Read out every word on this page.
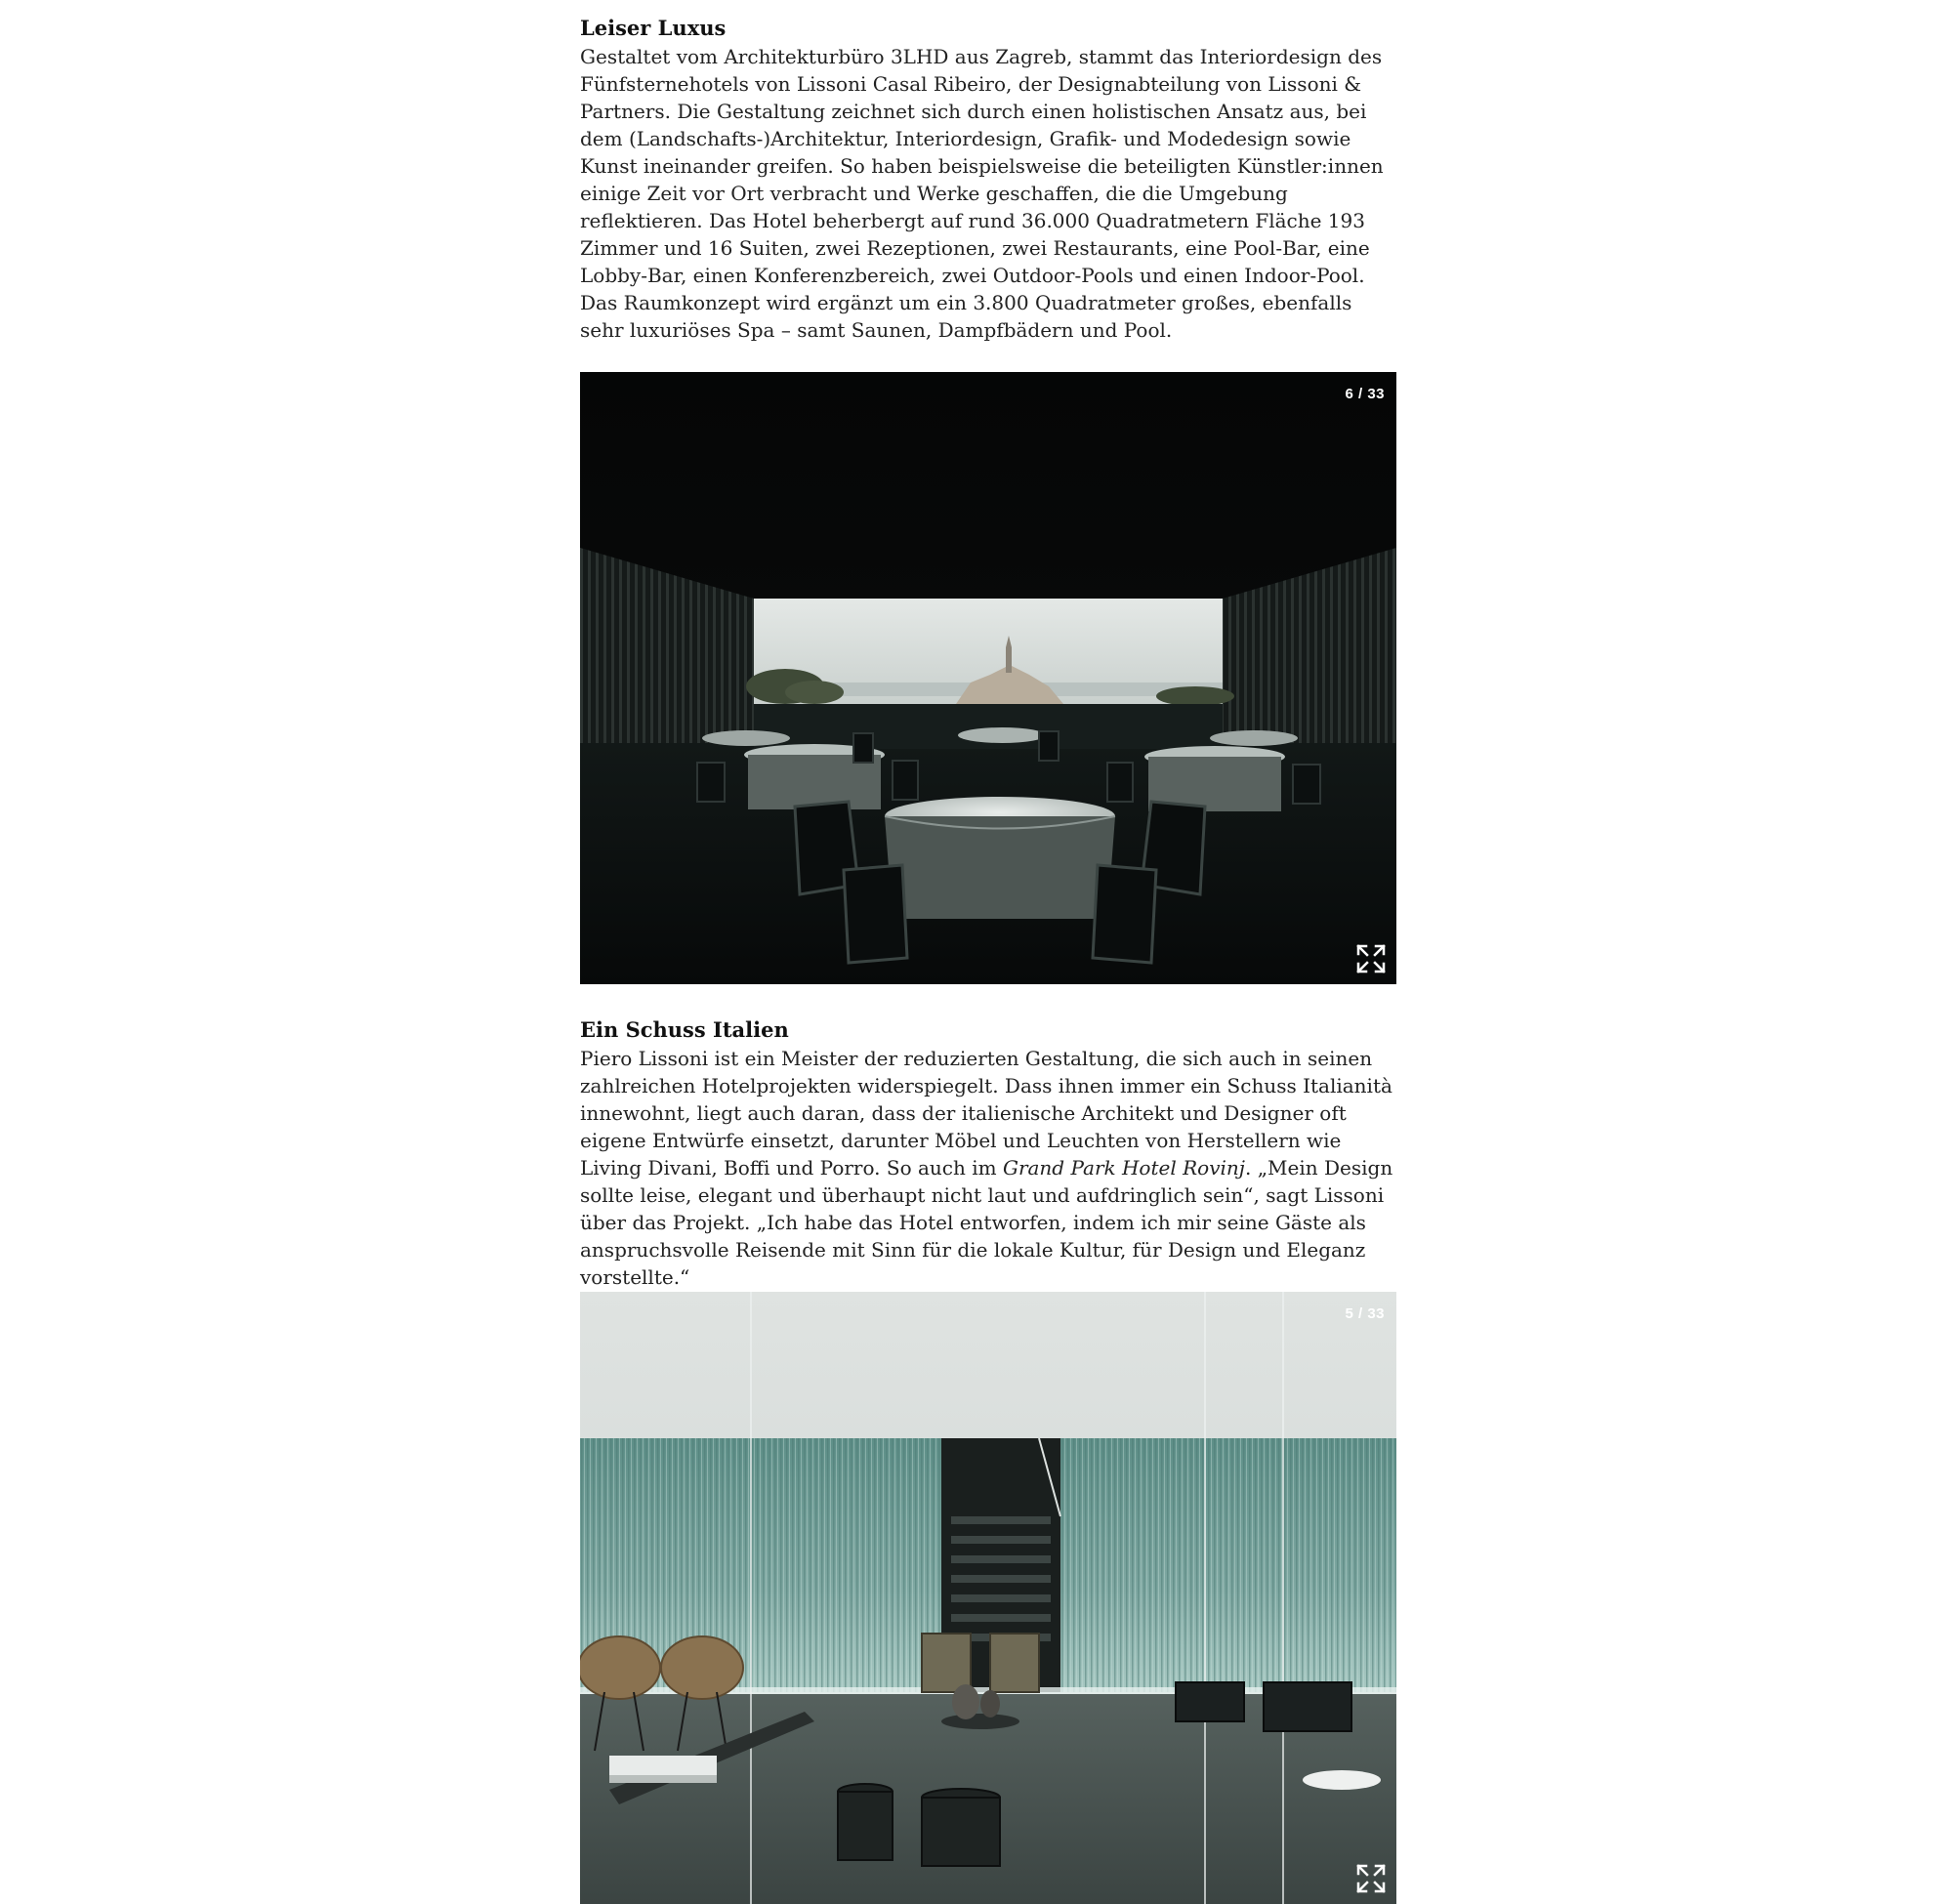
Leiser Luxus

Gestaltet vom Architekturbüro 3LHD aus Zagreb, stammt das Interiordesign des Fünfsternehotels von Lissoni Casal Ribeiro, der Designabteilung von Lissoni & Partners. Die Gestaltung zeichnet sich durch einen holistischen Ansatz aus, bei dem (Landschafts-)Architektur, Interiordesign, Grafik- und Modedesign sowie Kunst ineinander greifen. So haben beispielsweise die beteiligten Künstler:innen einige Zeit vor Ort verbracht und Werke geschaffen, die die Umgebung reflektieren. Das Hotel beherbergt auf rund 36.000 Quadratmetern Fläche 193 Zimmer und 16 Suiten, zwei Rezeptionen, zwei Restaurants, eine Pool-Bar, eine Lobby-Bar, einen Konferenzbereich, zwei Outdoor-Pools und einen Indoor-Pool. Das Raumkonzept wird ergänzt um ein 3.800 Quadratmeter großes, ebenfalls sehr luxuriöses Spa – samt Saunen, Dampfbädern und Pool.

6 / 33
Ein Schuss Italien

Piero Lissoni ist ein Meister der reduzierten Gestaltung, die sich auch in seinen zahlreichen Hotelprojekten widerspiegelt. Dass ihnen immer ein Schuss Italianità innewohnt, liegt auch daran, dass der italienische Architekt und Designer oft eigene Entwürfe einsetzt, darunter Möbel und Leuchten von Herstellern wie Living Divani, Boffi und Porro. So auch im Grand Park Hotel Rovinj. „Mein Design sollte leise, elegant und überhaupt nicht laut und aufdringlich sein“, sagt Lissoni über das Projekt. „Ich habe das Hotel entworfen, indem ich mir seine Gäste als anspruchsvolle Reisende mit Sinn für die lokale Kultur, für Design und Eleganz vorstellte.“

5 / 33
